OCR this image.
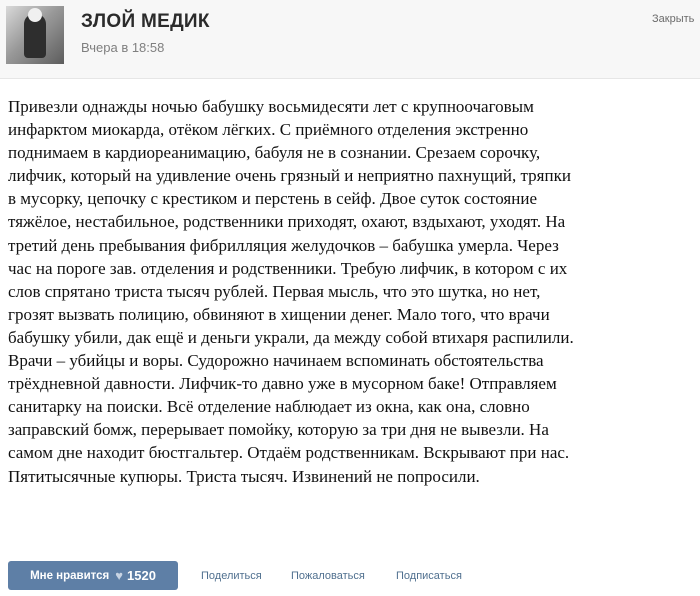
ЗЛОЙ МЕДИК
Вчера в 18:58
Закрыть
Привезли однажды ночью бабушку восьмидесяти лет с крупноочаговым
инфарктом миокарда, отёком лёгких. С приёмного отделения экстренно
поднимаем в кардиореанимацию, бабуля не в сознании. Срезаем сорочку,
лифчик, который на удивление очень грязный и неприятно пахнущий, тряпки
в мусорку, цепочку с крестиком и перстень в сейф. Двое суток состояние
тяжёлое, нестабильное, родственники приходят, охают, вздыхают, уходят. На
третий день пребывания фибрилляция желудочков – бабушка умерла. Через
час на пороге зав. отделения и родственники. Требую лифчик, в котором с их
слов спрятано триста тысяч рублей. Первая мысль, что это шутка, но нет,
грозят вызвать полицию, обвиняют в хищении денег. Мало того, что врачи
бабушку убили, дак ещё и деньги украли, да между собой втихаря распилили.
Врачи – убийцы и воры. Судорожно начинаем вспоминать обстоятельства
трёхдневной давности. Лифчик-то давно уже в мусорном баке! Отправляем
санитарку на поиски. Всё отделение наблюдает из окна, как она, словно
заправский бомж, перерывает помойку, которую за три дня не вывезли. На
самом дне находит бюстгальтер. Отдаём родственникам. Вскрывают при нас.
Пятитысячные купюры. Триста тысяч. Извинений не попросили.
Мне нравится ♥ 1520	Поделиться	Пожаловаться	Подписаться
